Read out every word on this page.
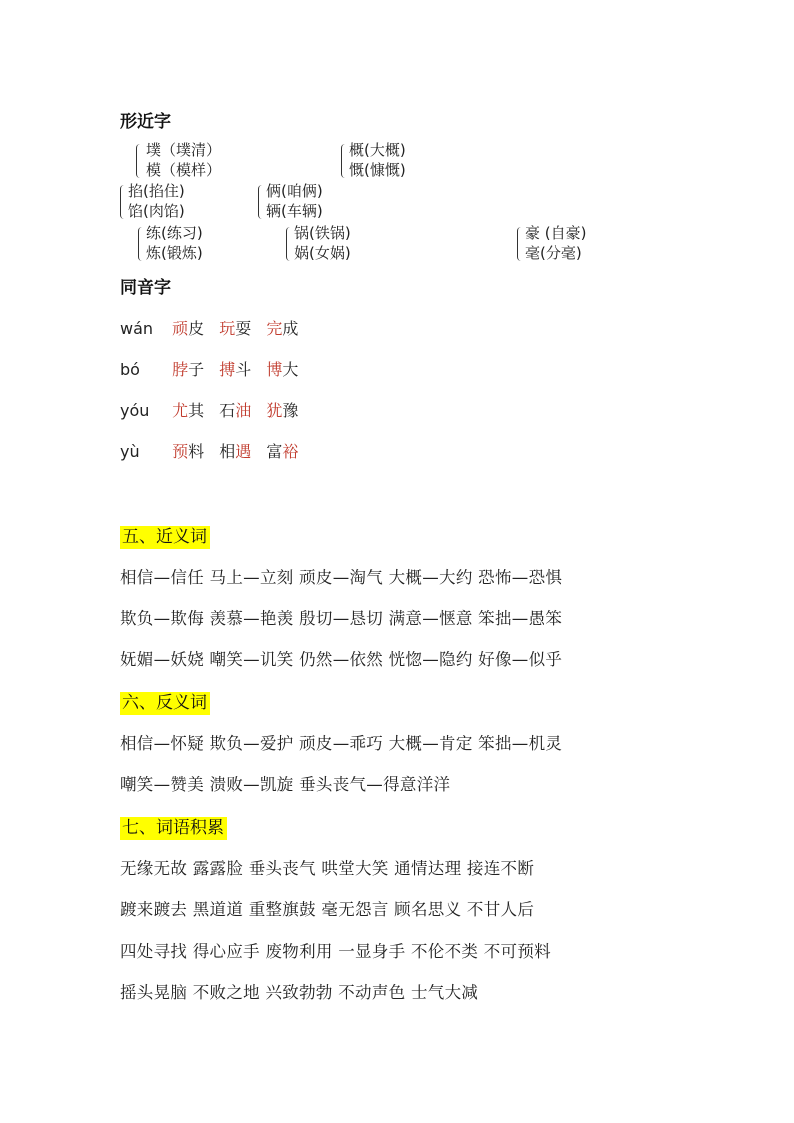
形近字
墣（墣清）
模（模样）
概(大概)
慨(慷慨)
掐(掐住)
馅(肉馅)
俩(咱俩)
辆(车辆)
练(练习)
炼(锻炼)
锅(铁锅)
娲(女娲)
豪 (自豪)
毫(分毫)
同音字
wán 顽皮 玩耍 完成
bó 脖子 搏斗 博大
yóu 尤其 石油 犹豫
yù 预料 相遇 富裕
五、近义词
相信—信任 马上—立刻 顽皮—淘气 大概—大约 恐怖—恐惧
欺负—欺侮 羡慕—艳羡 殷切—恳切 满意—惬意 笨拙—愚笨
妩媚—妖娆 嘲笑—讥笑 仍然—依然 恍惚—隐约 好像—似乎
六、反义词
相信—怀疑 欺负—爱护 顽皮—乖巧 大概—肯定 笨拙—机灵
嘲笑—赞美 溃败—凯旋 垂头丧气—得意洋洋
七、词语积累
无缘无故 露露脸 垂头丧气 哄堂大笑 通情达理 接连不断
踱来踱去 黑道道 重整旗鼓 毫无怨言 顾名思义 不甘人后
四处寻找 得心应手 废物利用 一显身手 不伦不类 不可预料
摇头晃脑 不败之地 兴致勃勃 不动声色 士气大减
